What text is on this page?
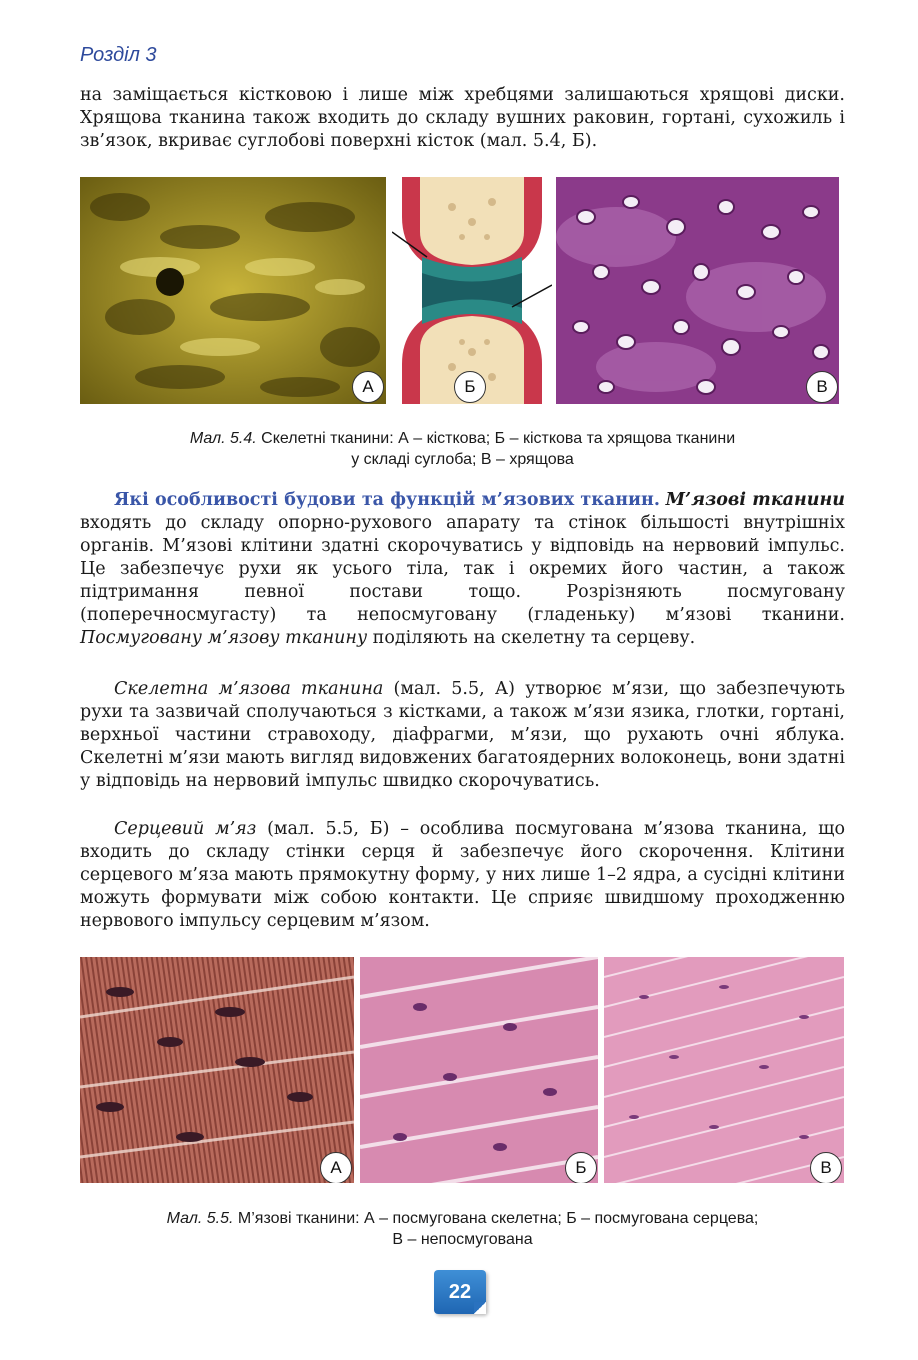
Розділ 3

на заміщається кістковою і лише між хребцями залишаються хрящові диски. Хрящова тканина також входить до складу вушних раковин, гортані, сухожиль і зв’язок, вкриває суглобові поверхні кісток (мал. 5.4, Б).

А	Б	В
Мал. 5.4. Скелетні тканини: А – кісткова; Б – кісткова та хрящова тканини
у складі суглоба; В – хрящова

Які особливості будови та функцій м’язових тканин. М’язові тканини входять до складу опорно-рухового апарату та стінок більшості внутрішніх органів. М’язові клітини здатні скорочуватись у відповідь на нервовий імпульс. Це забезпечує рухи як усього тіла, так і окремих його частин, а також підтримання певної постави тощо. Розрізняють посмуговану (поперечносмугасту) та непосмуговану (гладеньку) м’язові тканини. Посмуговану м’язову тканину поділяють на скелетну та серцеву.

Скелетна м’язова тканина (мал. 5.5, А) утворює м’язи, що забезпечують рухи та зазвичай сполучаються з кістками, а також м’язи язика, глотки, гортані, верхньої частини стравоходу, діафрагми, м’язи, що рухають очні яблука. Скелетні м’язи мають вигляд видовжених багатоядерних волоконець, вони здатні у відповідь на нервовий імпульс швидко скорочуватись.

Серцевий м’яз (мал. 5.5, Б) – особлива посмугована м’язова тканина, що входить до складу стінки серця й забезпечує його скорочення. Клітини серцевого м’яза мають прямокутну форму, у них лише 1–2 ядра, а сусідні клітини можуть формувати між собою контакти. Це сприяє швидшому проходженню нервового імпульсу серцевим м’язом.

А	Б	В
Мал. 5.5. М’язові тканини: А – посмугована скелетна; Б – посмугована серцева;
В – непосмугована
22
